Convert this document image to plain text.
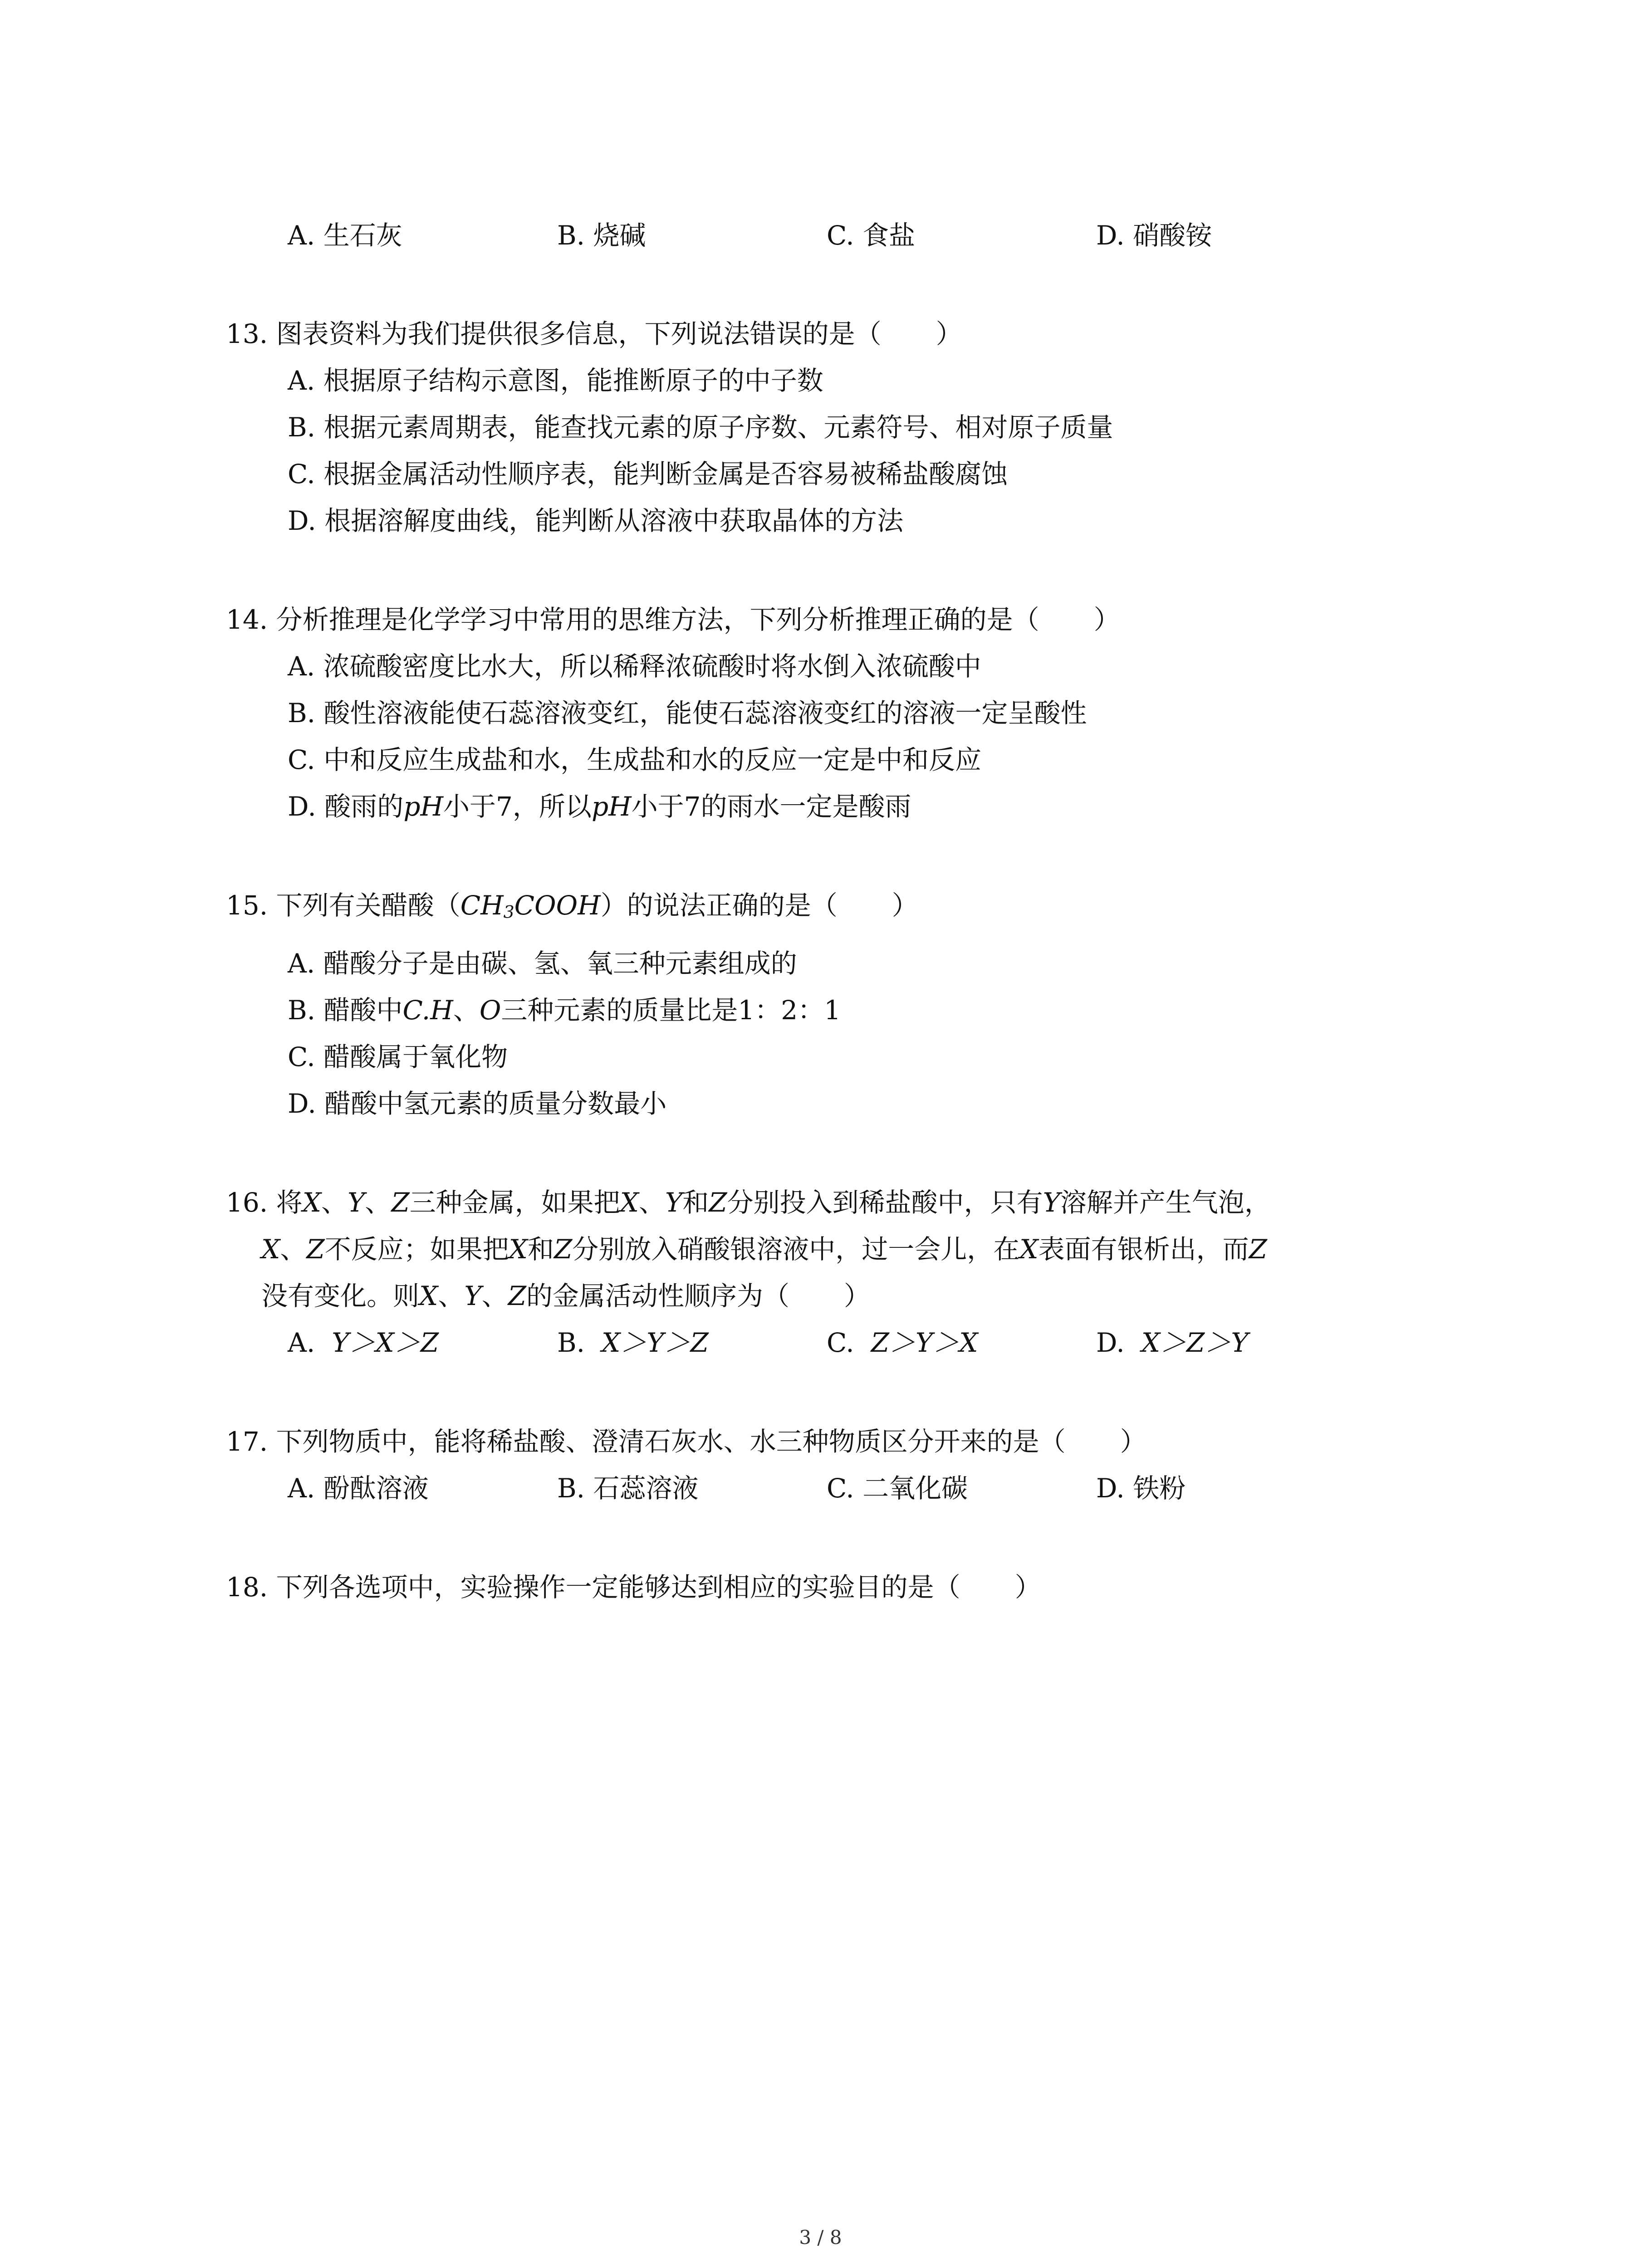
A. 生石灰	B. 烧碱	C. 食盐	D. 硝酸铵
13. 图表资料为我们提供很多信息，下列说法错误的是（ ）
A. 根据原子结构示意图，能推断原子的中子数
B. 根据元素周期表，能查找元素的原子序数、元素符号、相对原子质量
C. 根据金属活动性顺序表，能判断金属是否容易被稀盐酸腐蚀
D. 根据溶解度曲线，能判断从溶液中获取晶体的方法
14. 分析推理是化学学习中常用的思维方法，下列分析推理正确的是（ ）
A. 浓硫酸密度比水大，所以稀释浓硫酸时将水倒入浓硫酸中
B. 酸性溶液能使石蕊溶液变红，能使石蕊溶液变红的溶液一定呈酸性
C. 中和反应生成盐和水，生成盐和水的反应一定是中和反应
D. 酸雨的pH小于7，所以pH小于7的雨水一定是酸雨
15. 下列有关醋酸$(CH_3COOH)$的说法正确的是（ ）
A. 醋酸分子是由碳、氢、氧三种元素组成的
B. 醋酸中C.H、O三种元素的质量比是1：2：1
C. 醋酸属于氧化物
D. 醋酸中氢元素的质量分数最小
16. 将X、Y、Z三种金属，如果把X、Y和Z分别投入到稀盐酸中，只有Y溶解并产生气泡，
X、Z不反应；如果把X和Z分别放入硝酸银溶液中，过一会儿，在X表面有银析出，而Z
没有变化。则X、Y、Z的金属活动性顺序为（ ）
A. Y＞X＞Z	B. X＞Y＞Z	C. Z＞Y＞X	D. X＞Z＞Y
17. 下列物质中，能将稀盐酸、澄清石灰水、水三种物质区分开来的是（ ）
A. 酚酞溶液	B. 石蕊溶液	C. 二氧化碳	D. 铁粉
18. 下列各选项中，实验操作一定能够达到相应的实验目的是（ ）
3 / 8
